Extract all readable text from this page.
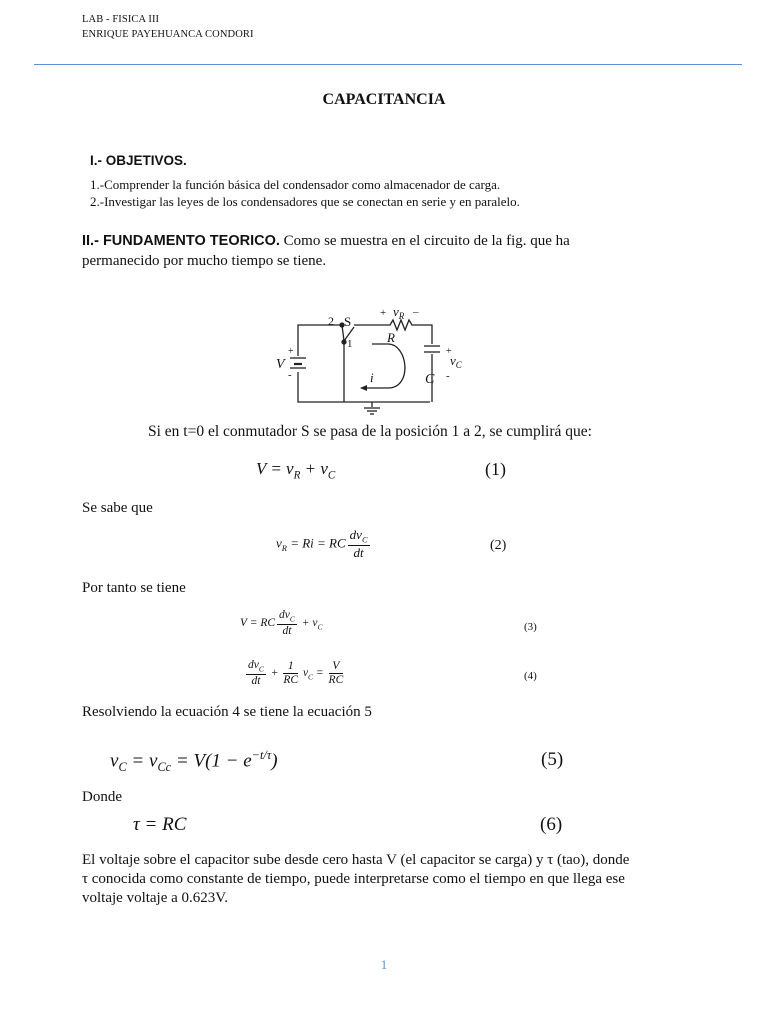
LAB - FISICA III
ENRIQUE PAYEHUANCA CONDORI
CAPACITANCIA
I.- OBJETIVOS.
1.-Comprender la función básica del condensador como almacenador de carga.
2.-Investigar las leyes de los condensadores que se conectan en serie y en paralelo.
II.- FUNDAMENTO TEORICO. Como se muestra en el circuito de la fig. que ha
permanecido por mucho tiempo se tiene.
2 S
1
+ $v_R$ –
R
+
V
-
+
$v_C$
C -
i
Si en t=0 el conmutador S se pasa de la posición 1 a 2, se cumplirá que:
$V = v_R + v_C$	(1)
Se sabe que
$v_R = Ri$ = RC $\frac{dv_C}{dt}$	(2)
Por tanto se tiene
V = RC $\frac{dv_C}{dt} + v_C$	(3)
$\frac{dv_C}{dt} + \frac{1}{RC} v_C = \frac{V}{RC}$	(4)
Resolviendo la ecuación 4 se tiene la ecuación 5
$v_C = v_{Cc} = V(1 - e^{-t/\tau})$	(5)
Donde
τ = RC	(6)
El voltaje sobre el capacitor sube desde cero hasta V (el capacitor se carga) y τ (tao), donde
τ conocida como constante de tiempo, puede interpretarse como el tiempo en que llega ese
voltaje voltaje a 0.623V.
1
